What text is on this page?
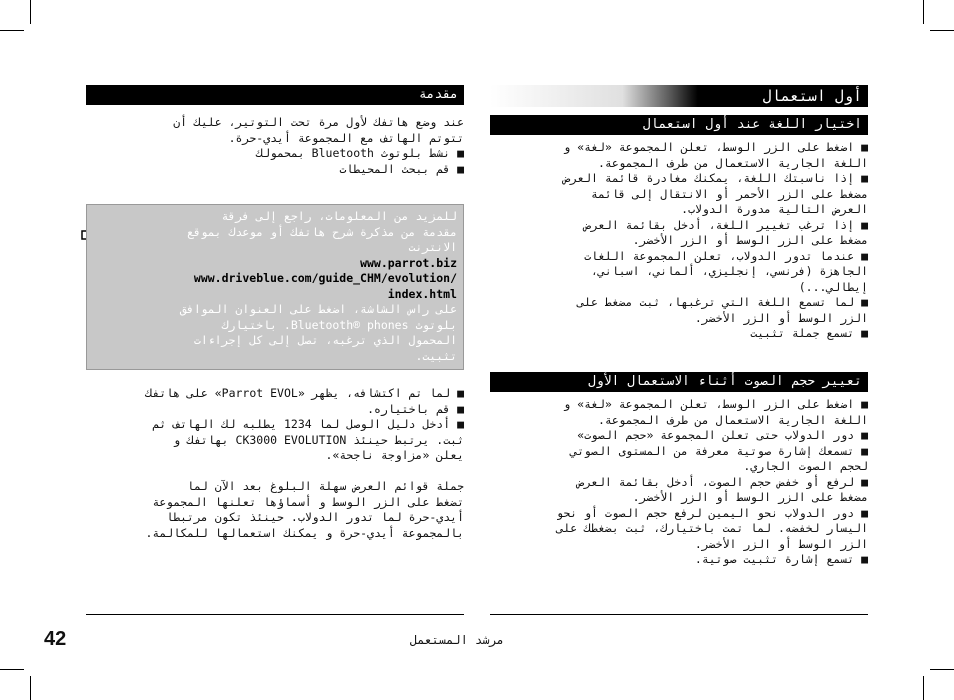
أول استعمال
اختيار اللغة عند أول استعمال
■ اضغط على الزر الوسط، تعلن المجموعة «لغة» و
اللغة الجارية الاستعمال من طرف المجموعة.
■ إذا ناسبتك اللغة، يمكنك مغادرة قائمة العرض
مضغط على الزر الأحمر أو الانتقال إلى قائمة
العرض التالية مدورة الدولاب.
■ إذا ترغب تغيير اللغة، أدخل بقائمة العرض
مضغط على الزر الوسط أو الزر الأخضر.
■ عندما تدور الدولاب، تعلن المجموعة اللغات
الجاهزة (فرنسي، إنجليزي، ألماني، اسباني،
إيطالي...)
■ لما تسمع اللغة التي ترغبها، ثبت مضغط على
الزر الوسط أو الزر الأخضر.
■ تسمع جملة تثبيت
تعيير حجم الصوت أثناء الاستعمال الأول
■ اضغط على الزر الوسط، تعلن المجموعة «لغة» و
اللغة الجارية الاستعمال من طرف المجموعة.
■ دور الدولاب حتى تعلن المجموعة «حجم الصوت»
■ تسمعك إشارة صوتية معرفة من المستوى الصوتي
لحجم الصوت الجاري.
■ لرفع أو خفض حجم الصوت، أدخل بقائمة العرض
مضغط على الزر الوسط أو الزر الأخضر.
■ دور الدولاب نحو اليمين لرفع حجم الصوت أو نحو
اليسار لخفضه. لما تمت باختيارك، ثبت بضغطك على
الزر الوسط أو الزر الأخضر.
■ تسمع إشارة تثبيت صوتية.
مقدمة
عند وضع هاتفك لأول مرة تحت التوتير، عليك أن
تتوتم الهاتف مع المجموعة أيدي-حرة.
■ نشط بلوتوث Bluetooth بمحمولك
■ قم ببحث المحيطات
للمزيد من المعلومات، راجع إلى فرقة
مقدمة من مذكرة شرح هاتفك أو موعدك بموقع
الانترنت
www.parrot.biz
www.driveblue.com/guide_CHM/evolution/
index.html
على راس الشاشة، اضغط على العنوان الموافق
بلوتوث Bluetooth® phones. باختيارك
المحمول الذي ترغبه، تصل إلى كل إجراءات
تثبيت.
■ لما تم اكتشافه، يظهر «Parrot EVOL» على هاتفك
■ قم باختياره.
■ أدخل دليل الوصل لما 1234 يطلبه لك الهاتف ثم
ثبت. يرتبط حينئذ CK3000 EVOLUTION بهاتفك و
يعلن «مزاوجة ناجحة».

جملة قوائم العرض سهلة البلوغ بعد الآن لما
تضغط على الزر الوسط و أسماؤها تعلنها المجموعة
أيدي-حرة لما تدور الدولاب. حينئذ تكون مرتبطا
بالمجموعة أيدي-حرة و يمكنك استعمالها للمكالمة.
42	مرشد المستعمل
